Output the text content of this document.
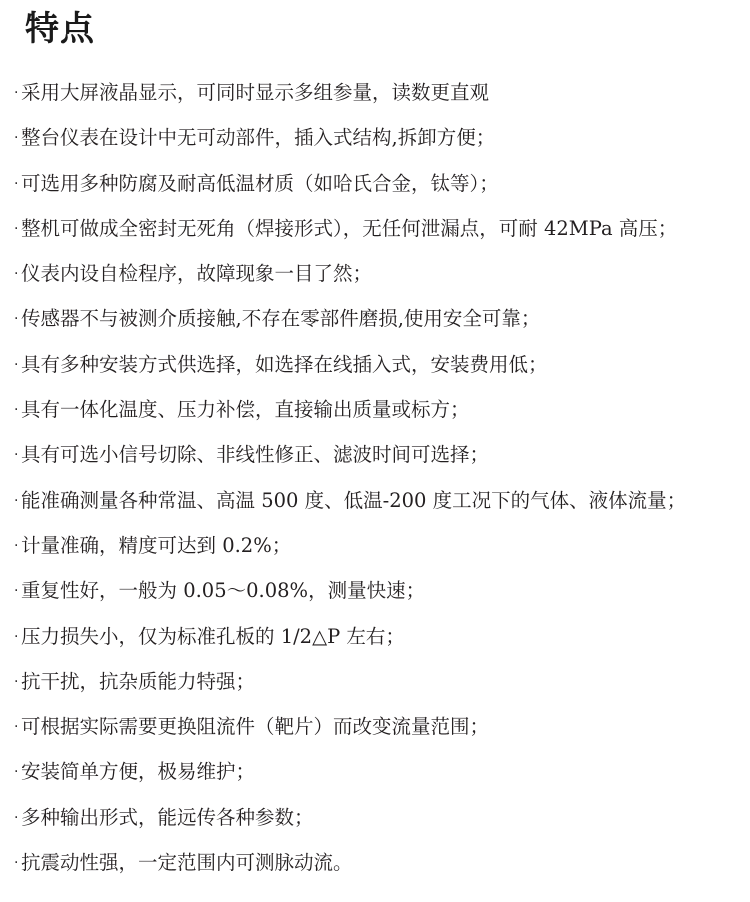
特点
· 采用大屏液晶显示，可同时显示多组参量，读数更直观
· 整台仪表在设计中无可动部件，插入式结构,拆卸方便；
· 可选用多种防腐及耐高低温材质（如哈氏合金，钛等）；
· 整机可做成全密封无死角（焊接形式），无任何泄漏点，可耐 42MPa 高压；
· 仪表内设自检程序，故障现象一目了然；
· 传感器不与被测介质接触,不存在零部件磨损,使用安全可靠；
· 具有多种安装方式供选择，如选择在线插入式，安装费用低；
· 具有一体化温度、压力补偿，直接输出质量或标方；
· 具有可选小信号切除、非线性修正、滤波时间可选择；
· 能准确测量各种常温、高温 500 度、低温-200 度工况下的气体、液体流量；
· 计量准确，精度可达到 0.2%；
· 重复性好，一般为 0.05～0.08%，测量快速；
· 压力损失小，仅为标准孔板的 1/2△P 左右；
· 抗干扰，抗杂质能力特强；
· 可根据实际需要更换阻流件（靶片）而改变流量范围；
· 安装简单方便，极易维护；
· 多种输出形式，能远传各种参数；
· 抗震动性强，一定范围内可测脉动流。
